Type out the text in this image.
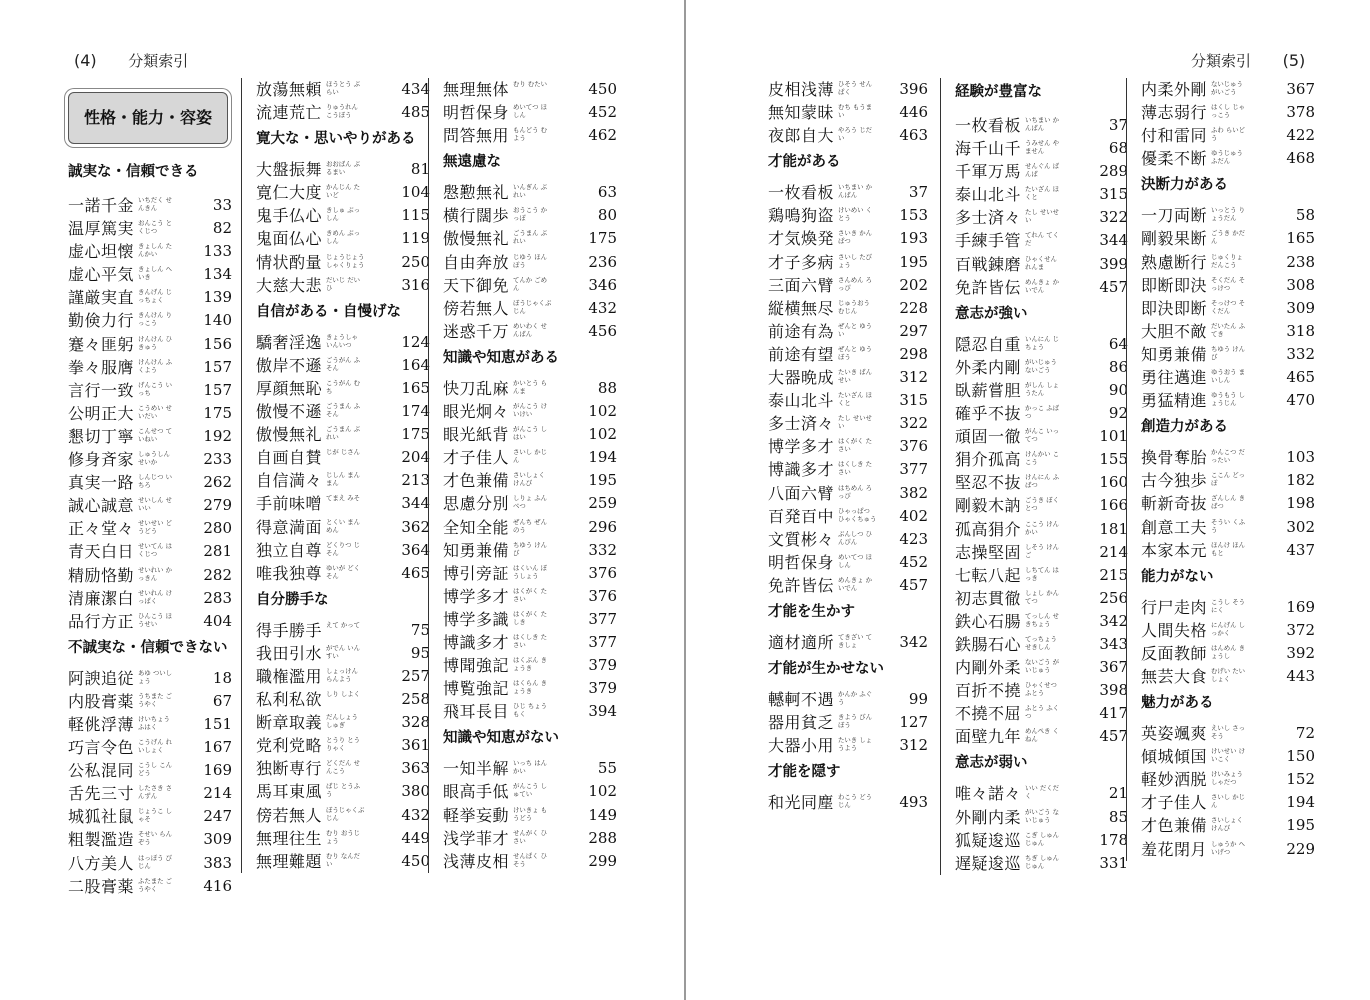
(4) 分類索引
性格・能力・容姿
誠実な・信頼できる
一諾千金 いちだく せんきん	33
温厚篤実 おんこう とくじつ	82
虚心坦懐 きょしん たんかい	133
虚心平気 きょしん へいき	134
謹厳実直 きんげん じっちょく	139
勤倹力行 きんけん りっこう	140
蹇々匪躬 けんけん ひきゅう	156
拳々服膺 けんけん ふくよう	157
言行一致 げんこう いっち	157
公明正大 こうめい せいだい	175
懇切丁寧 こんせつ ていねい	192
修身斉家 しゅうしん せいか	233
真実一路 しんじつ いちろ	262
誠心誠意 せいしん せいい	279
正々堂々 せいせい どうどう	280
青天白日 せいてん はくじつ	281
精励恪勤 せいれい かっきん	282
清廉潔白 せいれん けっぱく	283
品行方正 ひんこう ほうせい	404
不誠実な・信頼できない
阿諛追従 あゆ ついしょう	18
内股膏薬 うちまた ごうやく	67
軽佻浮薄 けいちょう ふはく	151
巧言令色 こうげん れいしょく	167
公私混同 こうし こんどう	169
舌先三寸 したさき さんずん	214
城狐社鼠 じょうこ しゃそ	247
粗製濫造 そせい らんぞう	309
八方美人 はっぽう びじん	383
二股膏薬 ふたまた ごうやく	416
放蕩無頼 ほうとう ぶらい	434
流連荒亡 りゅうれん こうぼう	485
寛大な・思いやりがある
大盤振舞 おおばん ぶるまい	81
寛仁大度 かんじん たいど	104
鬼手仏心 きしゅ ぶっしん	115
鬼面仏心 きめん ぶっしん	119
情状酌量 じょうじょう しゃくりょう 250
大慈大悲 だいじ だいひ	316
自信がある・自慢げな
驕奢淫逸 きょうしゃ いんいつ	124
傲岸不遜 ごうがん ふそん	164
厚顔無恥 こうがん むち	165
傲慢不遜 ごうまん ふそん	174
傲慢無礼 ごうまん ぶれい	175
自画自賛 じが じさん	204
自信満々 じしん まんまん	213
手前味噌 てまえ みそ	344
得意満面 とくい まんめん	362
独立自尊 どくりつ じそん	364
唯我独尊 ゆいが どくそん	465
自分勝手な
得手勝手 えて かって	75
我田引水 がでん いんすい	95
職権濫用 しょっけん らんよう	257
私利私欲 しり しよく	258
断章取義 だんしょう しゅぎ	328
党利党略 とうり とうりゃく	361
独断専行 どくだん せんこう	363
馬耳東風 ばじ とうふう	380
傍若無人 ぼうじゃくぶじん	432
無理往生 むり おうじょう	449
無理難題 むり なんだい	450
無理無体 むり むたい	450
明哲保身 めいてつ ほしん	452
問答無用 もんどう むよう	462
無遠慮な
慇懃無礼 いんぎん ぶれい	63
横行闊歩 おうこう かっぽ	80
傲慢無礼 ごうまん ぶれい	175
自由奔放 じゆう ほんぽう	236
天下御免 てんか ごめん	346
傍若無人 ぼうじゃくぶじん	432
迷惑千万 めいわく せんばん	456
知識や知恵がある
快刀乱麻 かいとう らんま	88
眼光炯々 がんこう けいけい	102
眼光紙背 がんこう しはい	102
才子佳人 さいし かじん	194
才色兼備 さいしょく けんび	195
思慮分別 しりょ ふんべつ	259
全知全能 ぜんち ぜんのう	296
知勇兼備 ちゆう けんび	332
博引旁証 はくいん ぼうしょう	376
博学多才 はくがく たさい	376
博学多識 はくがく たしき	377
博識多才 はくしき たさい	377
博聞強記 はくぶん きょうき	379
博覧強記 はくらん きょうき	379
飛耳長目 ひじ ちょうもく	394
知識や知恵がない
一知半解 いっち はんかい	55
眼高手低 がんこう しゅてい	102
軽挙妄動 けいきょ もうどう	149
浅学菲才 せんがく ひさい	288
浅薄皮相 せんぱく ひそう	299
分類索引 (5)
皮相浅薄 ひそう せんぱく	396
無知蒙昧 むち もうまい	446
夜郎自大 やろう じだい	463
才能がある
一枚看板 いちまい かんばん	37
鶏鳴狗盗 けいめい くとう	153
才気煥発 さいき かんぱつ	193
才子多病 さいし たびょう	195
三面六臂 さんめん ろっぴ	202
縦横無尽 じゅうおう むじん	228
前途有為 ぜんと ゆうい	297
前途有望 ぜんと ゆうぼう	298
大器晩成 たいき ばんせい	312
泰山北斗 たいざん ほくと	315
多士済々 たし せいせい	322
博学多才 はくがく たさい	376
博識多才 はくしき たさい	377
八面六臂 はちめん ろっぴ	382
百発百中 ひゃっぱつ ひゃくちゅう 402
文質彬々 ぶんしつ ひんぴん	423
明哲保身 めいてつ ほしん	452
免許皆伝 めんきょ かいでん	457
才能を生かす
適材適所 てきざい てきしょ	342
才能が生かせない
轗軻不遇 かんか ふぐう	99
器用貧乏 きよう びんぼう	127
大器小用 たいき しょうよう	312
才能を隠す
和光同塵 わこう どうじん	493
経験が豊富な
一枚看板 いちまい かんばん	37
海千山千 うみせん やません	68
千軍万馬 せんぐん ばんば	289
泰山北斗 たいざん ほくと	315
多士済々 たし せいせい	322
手練手管 てれん てくだ	344
百戦錬磨 ひゃくせん れんま	399
免許皆伝 めんきょ かいでん	457
意志が強い
隠忍自重 いんにん じちょう	64
外柔内剛 がいじゅう ないごう	86
臥薪嘗胆 がしん しょうたん	90
確乎不抜 かっこ ふばつ	92
頑固一徹 がんこ いってつ	101
狷介孤高 けんかい ここう	155
堅忍不抜 けんにん ふばつ	160
剛毅木訥 ごうき ぼくとつ	166
孤高狷介 ここう けんかい	181
志操堅固 しそう けんご	214
七転八起 しちてん はっき	215
初志貫徹 しょし かんてつ	256
鉄心石腸 てっしん せきちょう	342
鉄腸石心 てっちょう せきしん	343
内剛外柔 ないごう がいじゅう	367
百折不撓 ひゃくせつ ふとう	398
不撓不屈 ふとう ふくつ	417
面壁九年 めんぺき くねん	457
意志が弱い
唯々諾々 いい だくだく	21
外剛内柔 がいごう ないじゅう	85
狐疑逡巡 こぎ しゅんじゅん	178
遅疑逡巡 ちぎ しゅんじゅん	331
内柔外剛 ないじゅう がいごう	367
薄志弱行 はくし じゃっこう	378
付和雷同 ふわ らいどう	422
優柔不断 ゆうじゅう ふだん	468
決断力がある
一刀両断 いっとう りょうだん	58
剛毅果断 ごうき かだん	165
熟慮断行 じゅくりょ だんこう	238
即断即決 そくだん そっけつ	308
即決即断 そっけつ そくだん	309
大胆不敵 だいたん ふてき	318
知勇兼備 ちゆう けんび	332
勇往邁進 ゆうおう まいしん	465
勇猛精進 ゆうもう しょうじん	470
創造力がある
換骨奪胎 かんこつ だったい	103
古今独歩 ここん どっぽ	182
斬新奇抜 ざんしん きばつ	198
創意工夫 そうい くふう	302
本家本元 ほんけ ほんもと	437
能力がない
行尸走肉 こうし そうにく	169
人間失格 にんげん しっかく	372
反面教師 はんめん きょうし	392
無芸大食 むげい たいしょく	443
魅力がある
英姿颯爽 えいし さっそう	72
傾城傾国 けいせい けいこく	150
軽妙洒脱 けいみょう しゃだつ	152
才子佳人 さいし かじん	194
才色兼備 さいしょく けんび	195
羞花閉月 しゅうか へいげつ	229
